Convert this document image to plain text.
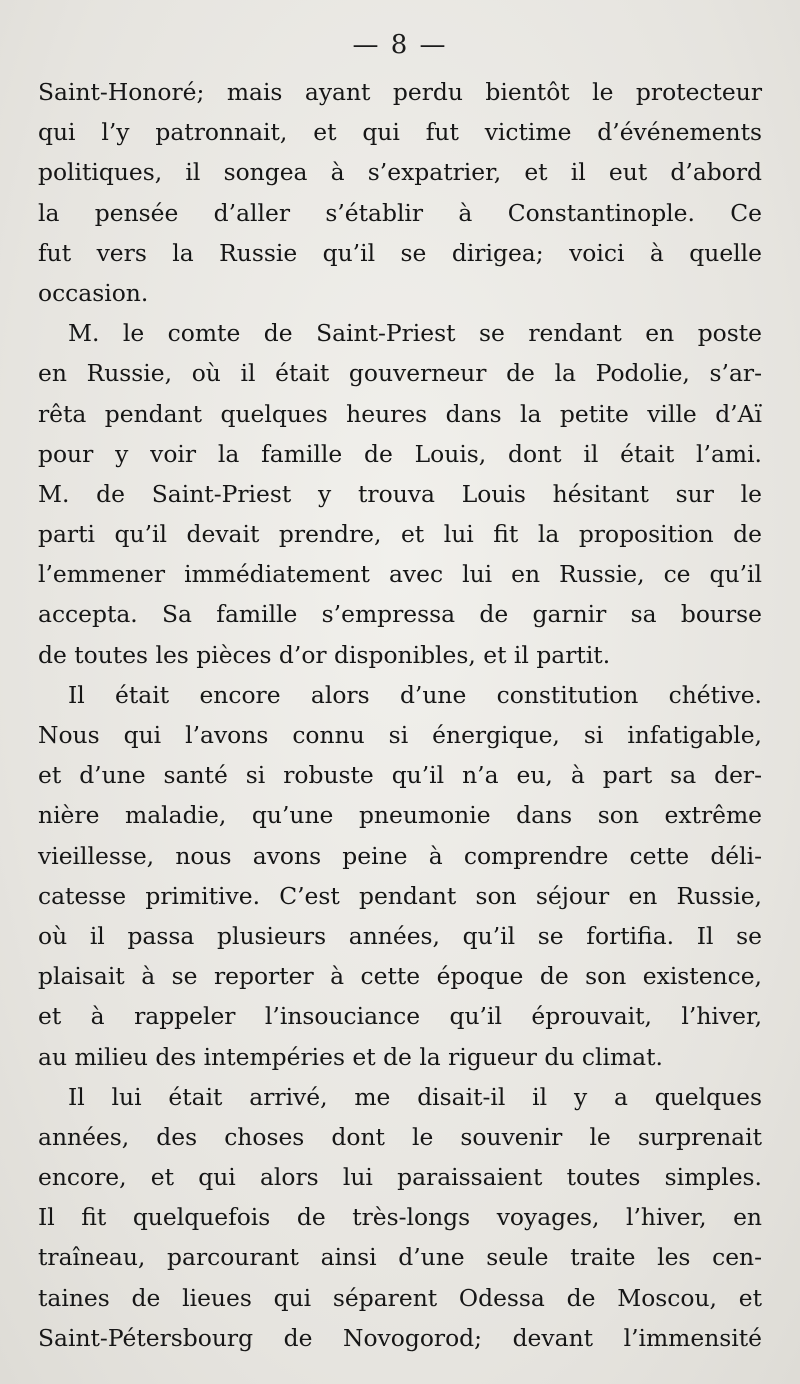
— 8 —
Saint-Honoré; mais ayant perdu bientôt le protecteur
qui l’y patronnait, et qui fut victime d’événements
politiques, il songea à s’expatrier, et il eut d’abord
la pensée d’aller s’établir à Constantinople. Ce
fut vers la Russie qu’il se dirigea; voici à quelle
occasion.
M. le comte de Saint-Priest se rendant en poste
en Russie, où il était gouverneur de la Podolie, s’ar-
rêta pendant quelques heures dans la petite ville d’Aï
pour y voir la famille de Louis, dont il était l’ami.
M. de Saint-Priest y trouva Louis hésitant sur le
parti qu’il devait prendre, et lui fit la proposition de
l’emmener immédiatement avec lui en Russie, ce qu’il
accepta. Sa famille s’empressa de garnir sa bourse
de toutes les pièces d’or disponibles, et il partit.
Il était encore alors d’une constitution chétive.
Nous qui l’avons connu si énergique, si infatigable,
et d’une santé si robuste qu’il n’a eu, à part sa der-
nière maladie, qu’une pneumonie dans son extrême
vieillesse, nous avons peine à comprendre cette déli-
catesse primitive. C’est pendant son séjour en Russie,
où il passa plusieurs années, qu’il se fortifia. Il se
plaisait à se reporter à cette époque de son existence,
et à rappeler l’insouciance qu’il éprouvait, l’hiver,
au milieu des intempéries et de la rigueur du climat.
Il lui était arrivé, me disait-il il y a quelques
années, des choses dont le souvenir le surprenait
encore, et qui alors lui paraissaient toutes simples.
Il fit quelquefois de très-longs voyages, l’hiver, en
traîneau, parcourant ainsi d’une seule traite les cen-
taines de lieues qui séparent Odessa de Moscou, et
Saint-Pétersbourg de Novogorod; devant l’immensité
